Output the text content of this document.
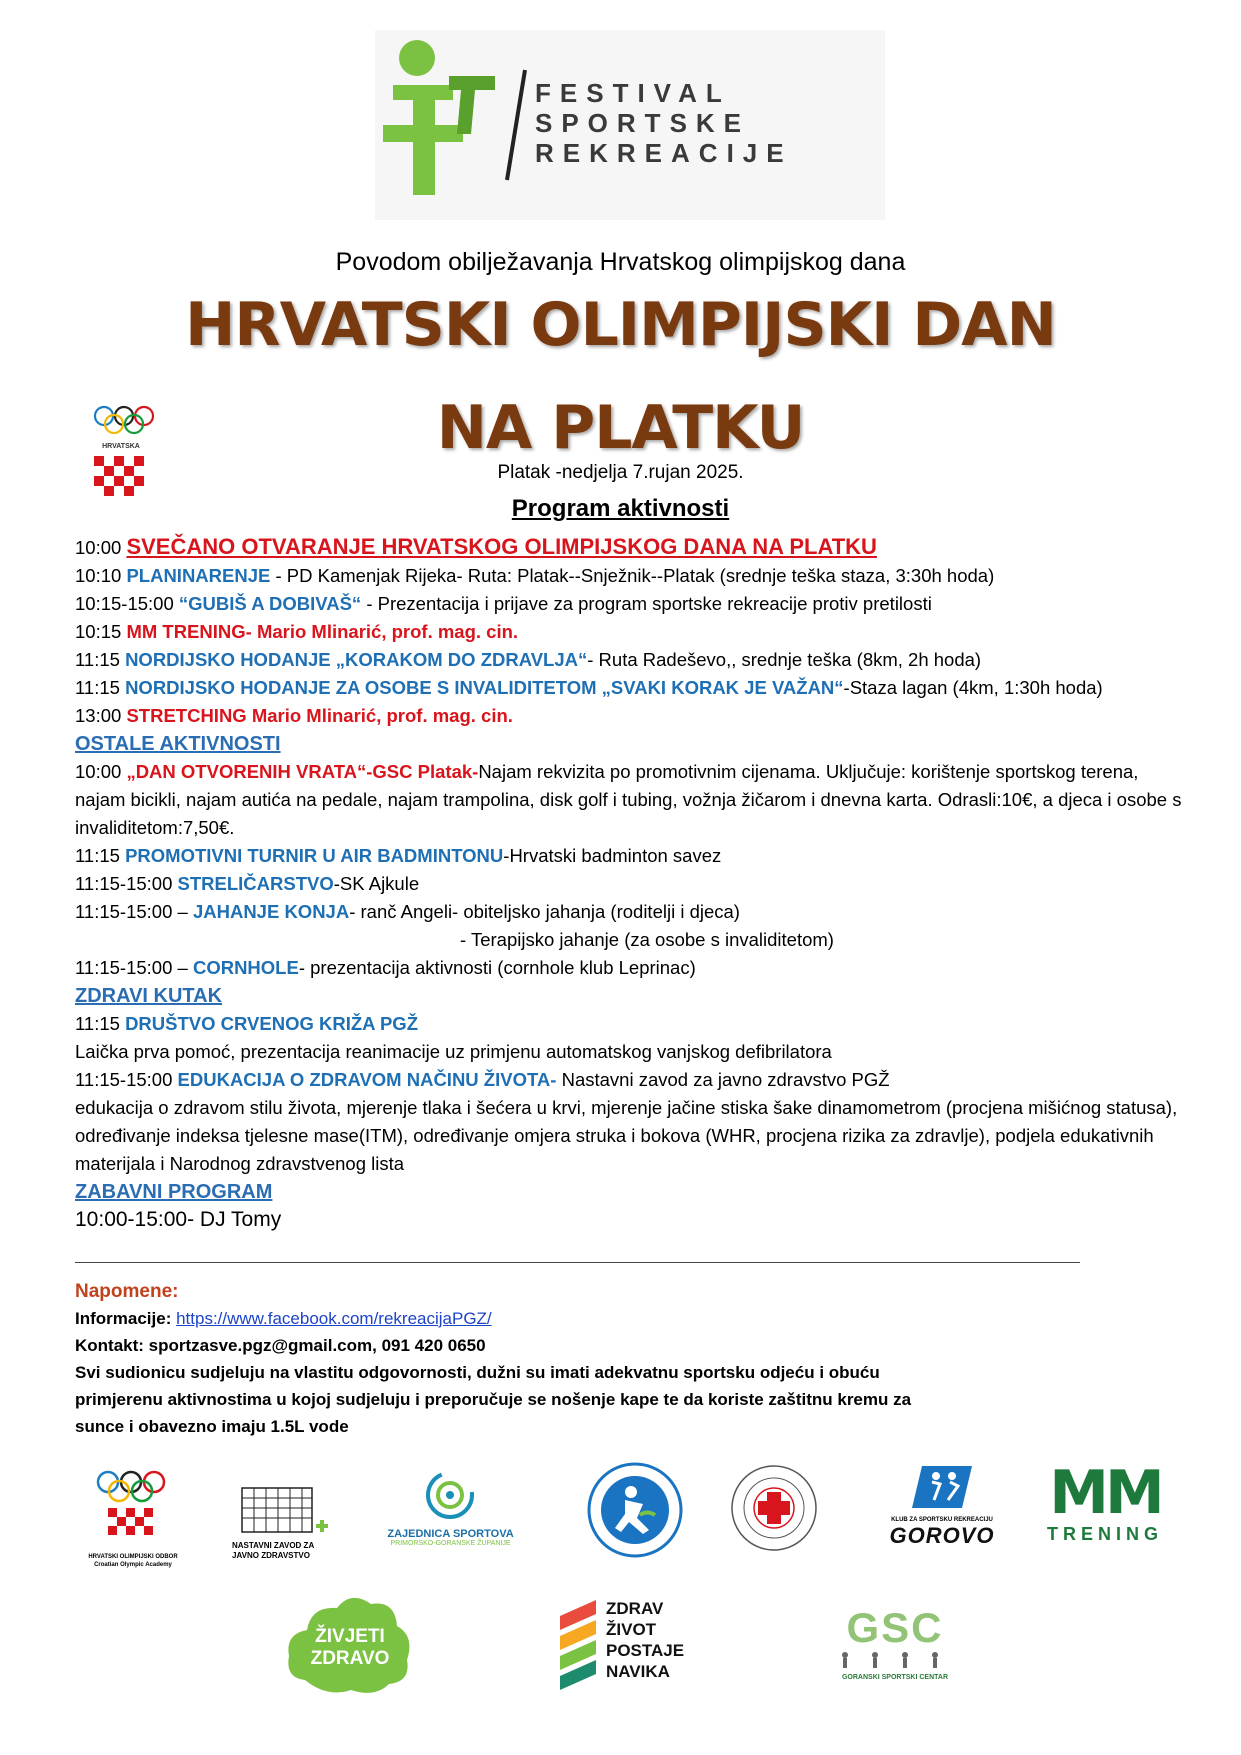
FESTIVAL
SPORTSKE
REKREACIJE
Povodom obilježavanja Hrvatskog olimpijskog dana
HRVATSKI OLIMPIJSKI DAN
NA PLATKU
HRVATSKA
Platak -nedjelja 7.rujan 2025.
Program aktivnosti
10:00 SVEČANO OTVARANJE HRVATSKOG OLIMPIJSKOG DANA NA PLATKU
10:10 PLANINARENJE - PD Kamenjak Rijeka- Ruta: Platak--Snježnik--Platak (srednje teška staza, 3:30h hoda)
10:15-15:00 “GUBIŠ A DOBIVAŠ“ - Prezentacija i prijave za program sportske rekreacije protiv pretilosti
10:15 MM TRENING- Mario Mlinarić, prof. mag. cin.
11:15 NORDIJSKO HODANJE „KORAKOM DO ZDRAVLJA“- Ruta Radeševo,, srednje teška (8km, 2h hoda)
11:15 NORDIJSKO HODANJE ZA OSOBE S INVALIDITETOM „SVAKI KORAK JE VAŽAN“-Staza lagan (4km, 1:30h hoda)
13:00 STRETCHING Mario Mlinarić, prof. mag. cin.
OSTALE AKTIVNOSTI
10:00 „DAN OTVORENIH VRATA“-GSC Platak-Najam rekvizita po promotivnim cijenama. Uključuje: korištenje sportskog terena, najam bicikli, najam autića na pedale, najam trampolina, disk golf i tubing, vožnja žičarom i dnevna karta. Odrasli:10€, a djeca i osobe s invaliditetom:7,50€.
11:15 PROMOTIVNI TURNIR U AIR BADMINTONU-Hrvatski badminton savez
11:15-15:00 STRELIČARSTVO-SK Ajkule
11:15-15:00 – JAHANJE KONJA- ranč Angeli- obiteljsko jahanja (roditelji i djeca)
- Terapijsko jahanje (za osobe s invaliditetom)
11:15-15:00 – CORNHOLE- prezentacija aktivnosti (cornhole klub Leprinac)
ZDRAVI KUTAK
11:15 DRUŠTVO CRVENOG KRIŽA PGŽ
Laička prva pomoć, prezentacija reanimacije uz primjenu automatskog vanjskog defibrilatora
11:15-15:00 EDUKACIJA O ZDRAVOM NAČINU ŽIVOTA- Nastavni zavod za javno zdravstvo PGŽ
edukacija o zdravom stilu života, mjerenje tlaka i šećera u krvi, mjerenje jačine stiska šake dinamometrom (procjena mišićnog statusa), određivanje indeksa tjelesne mase(ITM), određivanje omjera struka i bokova (WHR, procjena rizika za zdravlje), podjela edukativnih materijala i Narodnog zdravstvenog lista
ZABAVNI PROGRAM
10:00-15:00- DJ Tomy
Napomene:
Informacije: https://www.facebook.com/rekreacijaPGZ/
Kontakt: sportzasve.pgz@gmail.com, 091 420 0650
Svi sudionicu sudjeluju na vlastitu odgovornosti, dužni su imati adekvatnu sportsku odjeću i obuću primjerenu aktivnostima u kojoj sudjeluju i preporučuje se nošenje kape te da koriste zaštitnu kremu za sunce i obavezno imaju 1.5L vode
HRVATSKI OLIMPIJSKI ODBOR Croatian Olympic Academy
NASTAVNI ZAVOD ZA JAVNO ZDRAVSTVO
ZAJEDNICA SPORTOVA
PRIMORSKO-GORANSKE ŽUPANIJE
KLUB ZA SPORTSKU REKREACIJU
GOROVO
MM
TRENING
ŽIVJETI
ZDRAVO
ZDRAV
ŽIVOT
POSTAJE
NAVIKA
GSC
GORANSKI SPORTSKI CENTAR
